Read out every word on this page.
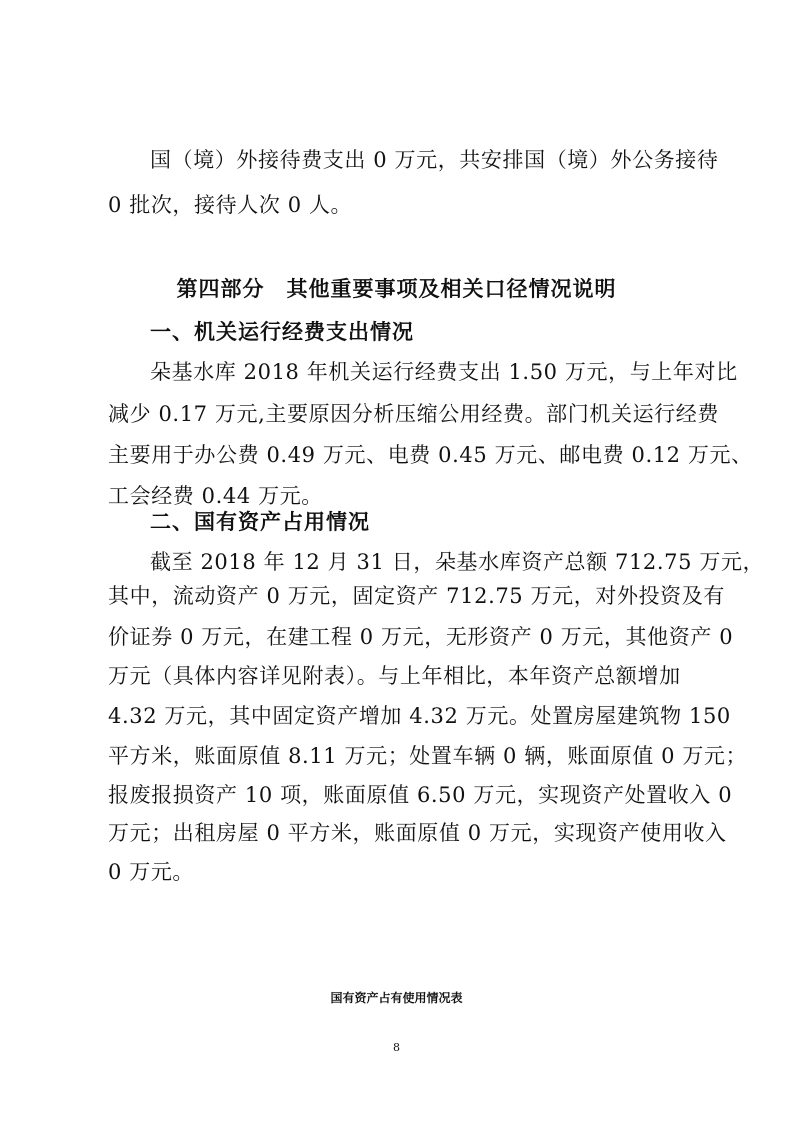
国（境）外接待费支出 0 万元，共安排国（境）外公务接待
0 批次，接待人次 0 人。
第四部分　其他重要事项及相关口径情况说明
一、机关运行经费支出情况
朵基水库 2018 年机关运行经费支出 1.50 万元，与上年对比
减少 0.17 万元,主要原因分析压缩公用经费。部门机关运行经费
主要用于办公费 0.49 万元、电费 0.45 万元、邮电费 0.12 万元、
工会经费 0.44 万元。
二、国有资产占用情况
截至 2018 年 12 月 31 日，朵基水库资产总额 712.75 万元，
其中，流动资产 0 万元，固定资产 712.75 万元，对外投资及有
价证券 0 万元，在建工程 0 万元，无形资产 0 万元，其他资产 0
万元（具体内容详见附表）。与上年相比，本年资产总额增加
4.32 万元，其中固定资产增加 4.32 万元。处置房屋建筑物 150
平方米，账面原值 8.11 万元；处置车辆 0 辆，账面原值 0 万元；
报废报损资产 10 项，账面原值 6.50 万元，实现资产处置收入 0
万元；出租房屋 0 平方米，账面原值 0 万元，实现资产使用收入
0 万元。
国有资产占有使用情况表
8
